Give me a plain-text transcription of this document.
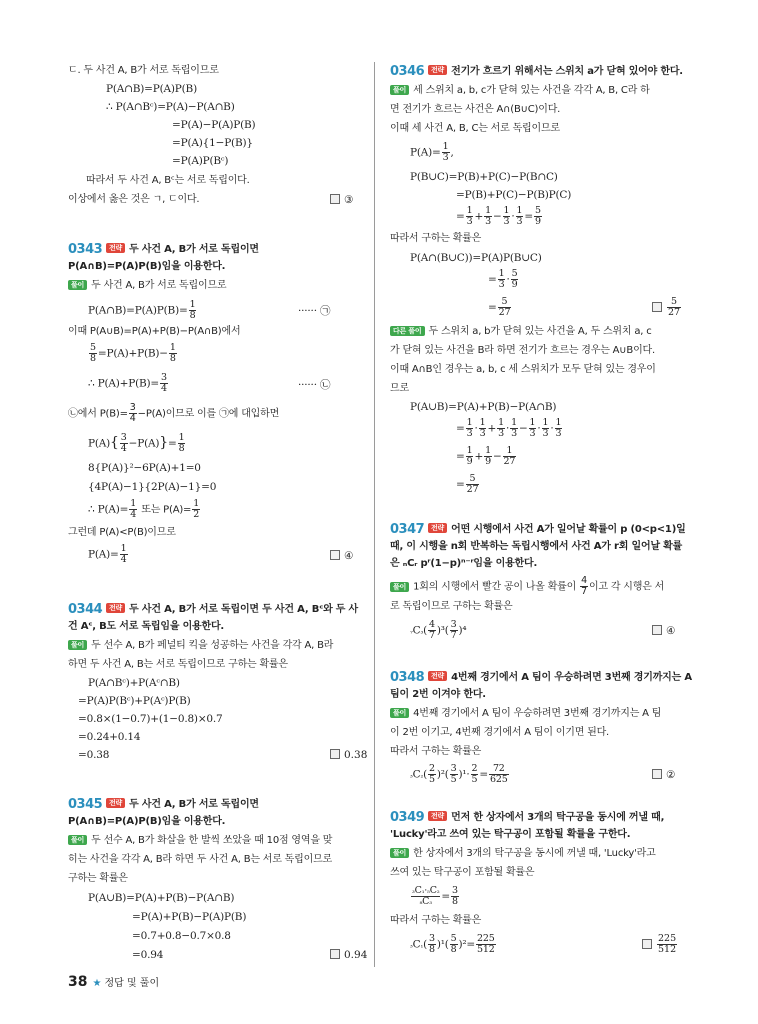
ㄷ. 두 사건 A, B가 서로 독립이므로
P(A∩B)=P(A)P(B)
∴ P(A∩Bᶜ)=P(A)−P(A∩B)
=P(A)−P(A)P(B)
=P(A){1−P(B)}
=P(A)P(Bᶜ)
따라서 두 사건 A, Bᶜ는 서로 독립이다.
이상에서 옳은 것은 ㄱ, ㄷ이다.	③
0343 전략 두 사건 A, B가 서로 독립이면
P(A∩B)=P(A)P(B)임을 이용한다.
풀이 두 사건 A, B가 서로 독립이므로
P(A∩B)=P(A)P(B)= $\frac{1}{8}$	······ ㉠
이때 P(A∪B)=P(A)+P(B)−P(A∩B)에서
$\frac{5}{8} =P(A)+P(B)- \frac{1}{8}$
∴ $P(A)+P(B)= \frac{3}{4}$	······ ㉡
㉡에서 $P(B)= \frac{3}{4} -P(A)$이므로 이를 ㉠에 대입하면
$P(A)\{ \frac{3}{4} -P(A)\}= \frac{1}{8}$
8{P(A)}²−6P(A)+1=0
{4P(A)−1}{2P(A)−1}=0
∴ $P(A)= \frac{1}{4}$ 또는 $P(A)= \frac{1}{2}$
그런데 P(A)<P(B)이므로
$P(A)= \frac{1}{4}$	④
0344 전략 두 사건 A, B가 서로 독립이면 두 사건 A, Bᶜ와 두 사
건 Aᶜ, B도 서로 독립임을 이용한다.
풀이 두 선수 A, B가 페널티 킥을 성공하는 사건을 각각 A, B라
하면 두 사건 A, B는 서로 독립이므로 구하는 확률은
P(A∩Bᶜ)+P(Aᶜ∩B)
=P(A)P(Bᶜ)+P(Aᶜ)P(B)
=0.8×(1−0.7)+(1−0.8)×0.7
=0.24+0.14
=0.38	0.38
0345 전략 두 사건 A, B가 서로 독립이면
P(A∩B)=P(A)P(B)임을 이용한다.
풀이 두 선수 A, B가 화살을 한 발씩 쏘았을 때 10점 영역을 맞
히는 사건을 각각 A, B라 하면 두 사건 A, B는 서로 독립이므로
구하는 확률은
P(A∪B)=P(A)+P(B)−P(A∩B)
=P(A)+P(B)−P(A)P(B)
=0.7+0.8−0.7×0.8
=0.94	0.94
0346 전략 전기가 흐르기 위해서는 스위치 a가 닫혀 있어야 한다.
풀이 세 스위치 a, b, c가 닫혀 있는 사건을 각각 A, B, C라 하
면 전기가 흐르는 사건은 A∩(B∪C)이다.
이때 세 사건 A, B, C는 서로 독립이므로
$P(A)= \frac{1}{3}$ ,
P(B∪C)=P(B)+P(C)−P(B∩C)
=P(B)+P(C)−P(B)P(C)
= $\frac{1}{3} + \frac{1}{3} - \frac{1}{3} \cdot \frac{1}{3} = \frac{5}{9}$
따라서 구하는 확률은
P(A∩(B∪C))=P(A)P(B∪C)
= $\frac{1}{3} \cdot \frac{5}{9}$
= $\frac{5}{27}$	$\frac{5}{27}$
다른 풀이 두 스위치 a, b가 닫혀 있는 사건을 A, 두 스위치 a, c
가 닫혀 있는 사건을 B라 하면 전기가 흐르는 경우는 A∪B이다.
이때 A∩B인 경우는 a, b, c 세 스위치가 모두 닫혀 있는 경우이
므로
P(A∪B)=P(A)+P(B)−P(A∩B)
= $\frac{1}{3} \cdot \frac{1}{3} + \frac{1}{3} \cdot \frac{1}{3} - \frac{1}{3} \cdot \frac{1}{3} \cdot \frac{1}{3}$
= $\frac{1}{9} + \frac{1}{9} - \frac{1}{27}$
= $\frac{5}{27}$
0347 전략 어떤 시행에서 사건 A가 일어날 확률이 p (0<p<1)일
때, 이 시행을 n회 반복하는 독립시행에서 사건 A가 r회 일어날 확률
은 ₙCᵣ pʳ(1−p)ⁿ⁻ʳ임을 이용한다.
풀이 1회의 시행에서 빨간 공이 나올 확률이 $\frac{4}{7}$ 이고 각 시행은 서
로 독립이므로 구하는 확률은
$_7C_3( \frac{4}{7} )^3( \frac{3}{7} )^4$	④
0348 전략 4번째 경기에서 A 팀이 우승하려면 3번째 경기까지는 A
팀이 2번 이겨야 한다.
풀이 4번째 경기에서 A 팀이 우승하려면 3번째 경기까지는 A 팀
이 2번 이기고, 4번째 경기에서 A 팀이 이기면 된다.
따라서 구하는 확률은
$_3C_2( \frac{2}{5} )^2( \frac{3}{5} )^1\cdot \frac{2}{5} = \frac{72}{625}$	②
0349 전략 먼저 한 상자에서 3개의 탁구공을 동시에 꺼낼 때,
'Lucky'라고 쓰여 있는 탁구공이 포함될 확률을 구한다.
풀이 한 상자에서 3개의 탁구공을 동시에 꺼낼 때, 'Lucky'라고
쓰여 있는 탁구공이 포함될 확률은
$\frac{\text{₃C₁·₅C₂}}{\text{₈C₃}} = \frac{3}{8}$
따라서 구하는 확률은
$_3C_1( \frac{3}{8} )^1( \frac{5}{8} )^2= \frac{225}{512}$	$\frac{225}{512}$
38 ★ 정답 및 풀이
